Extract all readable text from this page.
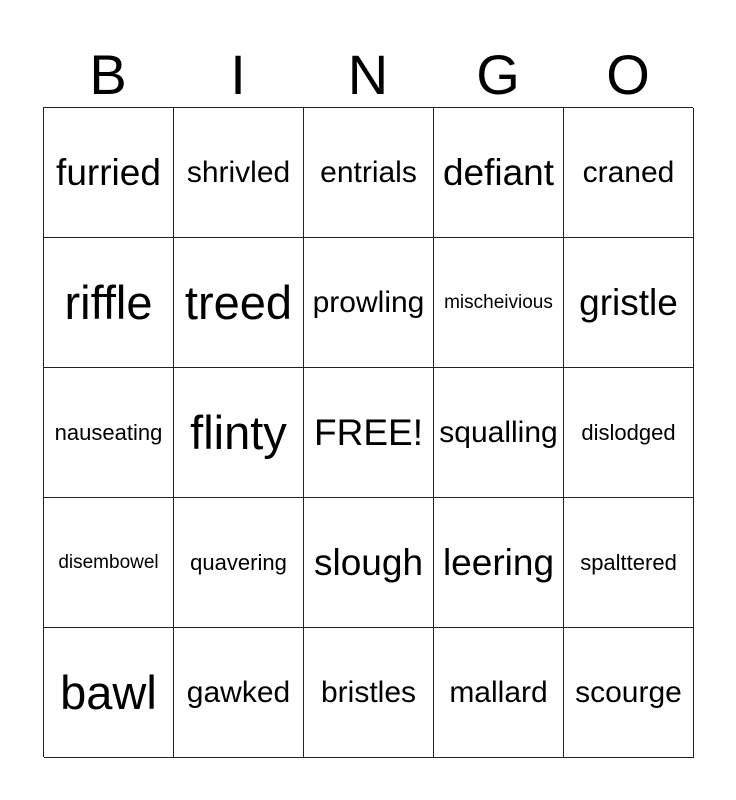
B	I	N	G	O
furried shrivled entrials defiant craned
riffle treed prowling	mischeivious gristle
nauseating flinty FREE! squalling	dislodged
disembowel	quavering slough leering	spalttered
bawl gawked	bristles	mallard scourge
